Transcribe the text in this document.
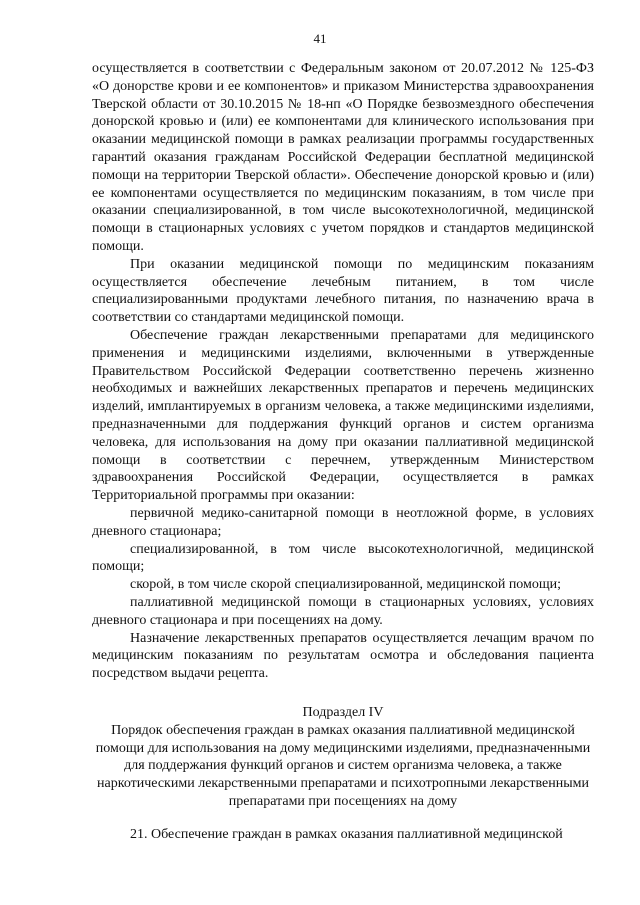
41

осуществляется в соответствии с Федеральным законом от 20.07.2012 № 125-ФЗ «О донорстве крови и ее компонентов» и приказом Министерства здравоохранения Тверской области от 30.10.2015 № 18-нп «О Порядке безвозмездного обеспечения донорской кровью и (или) ее компонентами для клинического использования при оказании медицинской помощи в рамках реализации программы государственных гарантий оказания гражданам Российской Федерации бесплатной медицинской помощи на территории Тверской области». Обеспечение донорской кровью и (или) ее компонентами осуществляется по медицинским показаниям, в том числе при оказании специализированной, в том числе высокотехнологичной, медицинской помощи в стационарных условиях с учетом порядков и стандартов медицинской помощи.

При оказании медицинской помощи по медицинским показаниям осуществляется обеспечение лечебным питанием, в том числе специализированными продуктами лечебного питания, по назначению врача в соответствии со стандартами медицинской помощи.

Обеспечение граждан лекарственными препаратами для медицинского применения и медицинскими изделиями, включенными в утвержденные Правительством Российской Федерации соответственно перечень жизненно необходимых и важнейших лекарственных препаратов и перечень медицинских изделий, имплантируемых в организм человека, а также медицинскими изделиями, предназначенными для поддержания функций органов и систем организма человека, для использования на дому при оказании паллиативной медицинской помощи в соответствии с перечнем, утвержденным Министерством здравоохранения Российской Федерации, осуществляется в рамках Территориальной программы при оказании:

первичной медико-санитарной помощи в неотложной форме, в условиях дневного стационара;

специализированной, в том числе высокотехнологичной, медицинской помощи;

скорой, в том числе скорой специализированной, медицинской помощи;

паллиативной медицинской помощи в стационарных условиях, условиях дневного стационара и при посещениях на дому.

Назначение лекарственных препаратов осуществляется лечащим врачом по медицинским показаниям по результатам осмотра и обследования пациента посредством выдачи рецепта.

Подраздел IV
Порядок обеспечения граждан в рамках оказания паллиативной медицинской помощи для использования на дому медицинскими изделиями, предназначенными для поддержания функций органов и систем организма человека, а также наркотическими лекарственными препаратами и психотропными лекарственными препаратами при посещениях на дому
21. Обеспечение граждан в рамках оказания паллиативной медицинской
